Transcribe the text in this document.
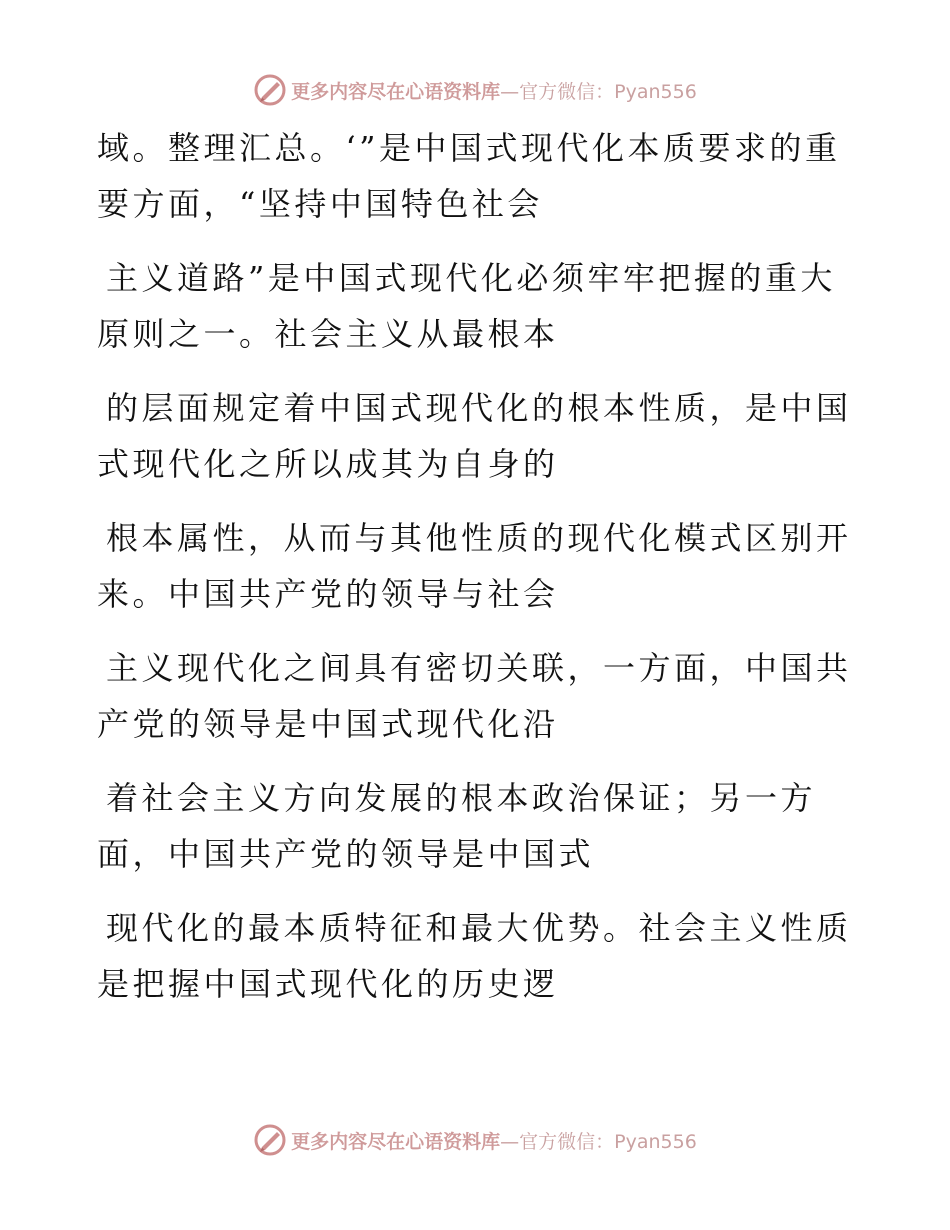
更多内容尽在心语资料库 —官方微信：Pyan556
域。整理汇总。‘”是中国式现代化本质要求的重
要方面，“坚持中国特色社会
主义道路”是中国式现代化必须牢牢把握的重大
原则之一。社会主义从最根本
的层面规定着中国式现代化的根本性质，是中国
式现代化之所以成其为自身的
根本属性，从而与其他性质的现代化模式区别开
来。中国共产党的领导与社会
主义现代化之间具有密切关联，一方面，中国共
产党的领导是中国式现代化沿
着社会主义方向发展的根本政治保证；另一方
面，中国共产党的领导是中国式
现代化的最本质特征和最大优势。社会主义性质
是把握中国式现代化的历史逻
更多内容尽在心语资料库 —官方微信：Pyan556
